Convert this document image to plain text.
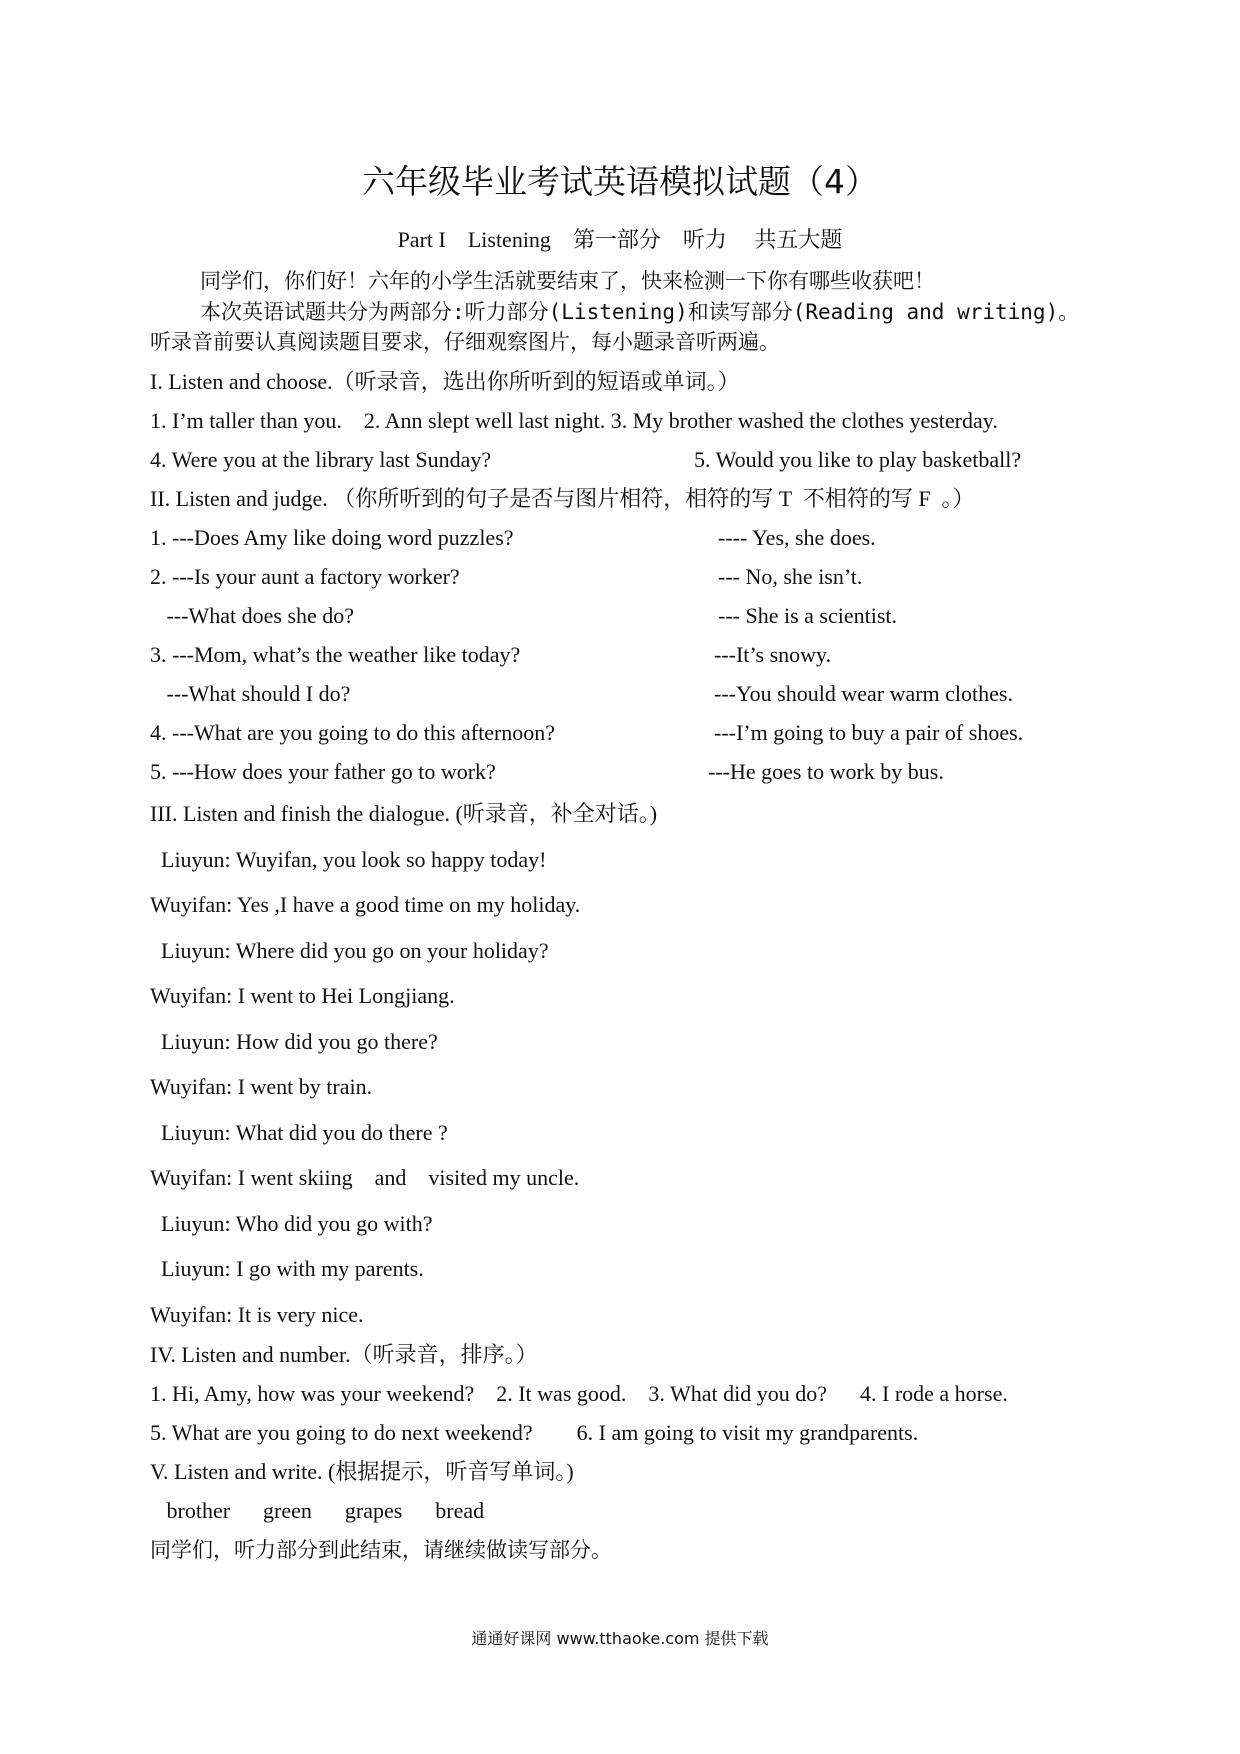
六年级毕业考试英语模拟试题（4）
Part I    Listening    第一部分    听力     共五大题
同学们，你们好！六年的小学生活就要结束了，快来检测一下你有哪些收获吧！
本次英语试题共分为两部分:听力部分(Listening)和读写部分(Reading and writing)。
听录音前要认真阅读题目要求，仔细观察图片，每小题录音听两遍。
I. Listen and choose.（听录音，选出你所听到的短语或单词。）
1. I’m taller than you.    2. Ann slept well last night. 3. My brother washed the clothes yesterday.
4. Were you at the library last Sunday?	5. Would you like to play basketball?
II. Listen and judge. （你所听到的句子是否与图片相符，相符的写 T  不相符的写 F  。）
1. ---Does Amy like doing word puzzles?	---- Yes, she does.
2. ---Is your aunt a factory worker?	--- No, she isn’t.
---What does she do?	--- She is a scientist.
3. ---Mom, what’s the weather like today?	---It’s snowy.
---What should I do?	---You should wear warm clothes.
4. ---What are you going to do this afternoon?	---I’m going to buy a pair of shoes.
5. ---How does your father go to work?	---He goes to work by bus.
III. Listen and finish the dialogue. (听录音，补全对话。)
Liuyun: Wuyifan, you look so happy today!
Wuyifan: Yes ,I have a good time on my holiday.
Liuyun: Where did you go on your holiday?
Wuyifan: I went to Hei Longjiang.
Liuyun: How did you go there?
Wuyifan: I went by train.
Liuyun: What did you do there ?
Wuyifan: I went skiing    and    visited my uncle.
Liuyun: Who did you go with?
Liuyun: I go with my parents.
Wuyifan: It is very nice.
IV. Listen and number.（听录音，排序。）
1. Hi, Amy, how was your weekend?    2. It was good.    3. What did you do?      4. I rode a horse.
5. What are you going to do next weekend?        6. I am going to visit my grandparents.
V. Listen and write. (根据提示，听音写单词。)
brother      green      grapes      bread
同学们，听力部分到此结束，请继续做读写部分。
通通好课网 www.tthaoke.com 提供下载
